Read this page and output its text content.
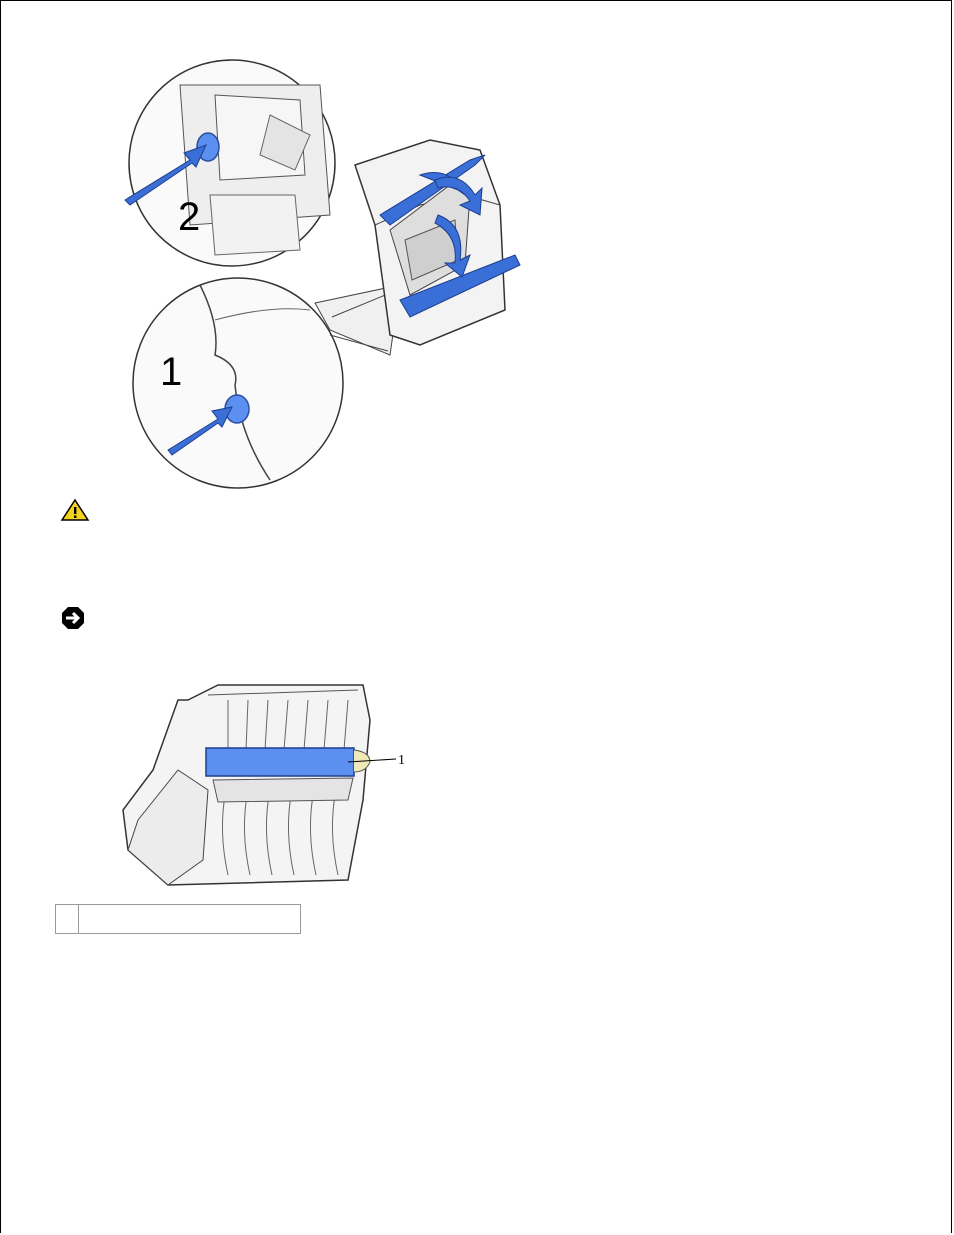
2
1
1
